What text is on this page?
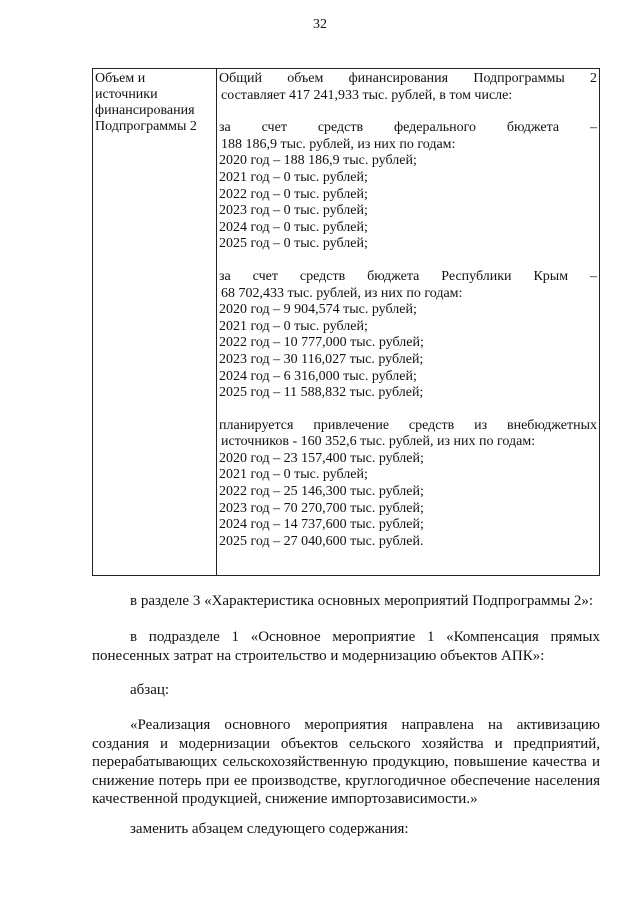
32
Объем и
источники
финансирования
Подпрограммы 2
Общий объем финансирования Подпрограммы 2
составляет 417 241,933 тыс. рублей, в том числе:
за счет средств федерального бюджета –
188 186,9 тыс. рублей, из них по годам:
2020 год – 188 186,9 тыс. рублей;
2021 год – 0 тыс. рублей;
2022 год – 0 тыс. рублей;
2023 год – 0 тыс. рублей;
2024 год – 0 тыс. рублей;
2025 год – 0 тыс. рублей;
за счет средств бюджета Республики Крым –
68 702,433 тыс. рублей, из них по годам:
2020 год – 9 904,574 тыс. рублей;
2021 год – 0 тыс. рублей;
2022 год – 10 777,000 тыс. рублей;
2023 год – 30 116,027 тыс. рублей;
2024 год – 6 316,000 тыс. рублей;
2025 год – 11 588,832 тыс. рублей;
планируется привлечение средств из внебюджетных
источников - 160 352,6 тыс. рублей, из них по годам:
2020 год – 23 157,400 тыс. рублей;
2021 год – 0 тыс. рублей;
2022 год – 25 146,300 тыс. рублей;
2023 год – 70 270,700 тыс. рублей;
2024 год – 14 737,600 тыс. рублей;
2025 год – 27 040,600 тыс. рублей.
в разделе 3 «Характеристика основных мероприятий Подпрограммы 2»:
в подразделе 1 «Основное мероприятие 1 «Компенсация прямых
понесенных затрат на строительство и модернизацию объектов АПК»:
абзац:
«Реализация основного мероприятия направлена на активизацию
создания и модернизации объектов сельского хозяйства и предприятий,
перерабатывающих сельскохозяйственную продукцию, повышение качества и
снижение потерь при ее производстве, круглогодичное обеспечение населения
качественной продукцией, снижение импортозависимости.»
заменить абзацем следующего содержания:
